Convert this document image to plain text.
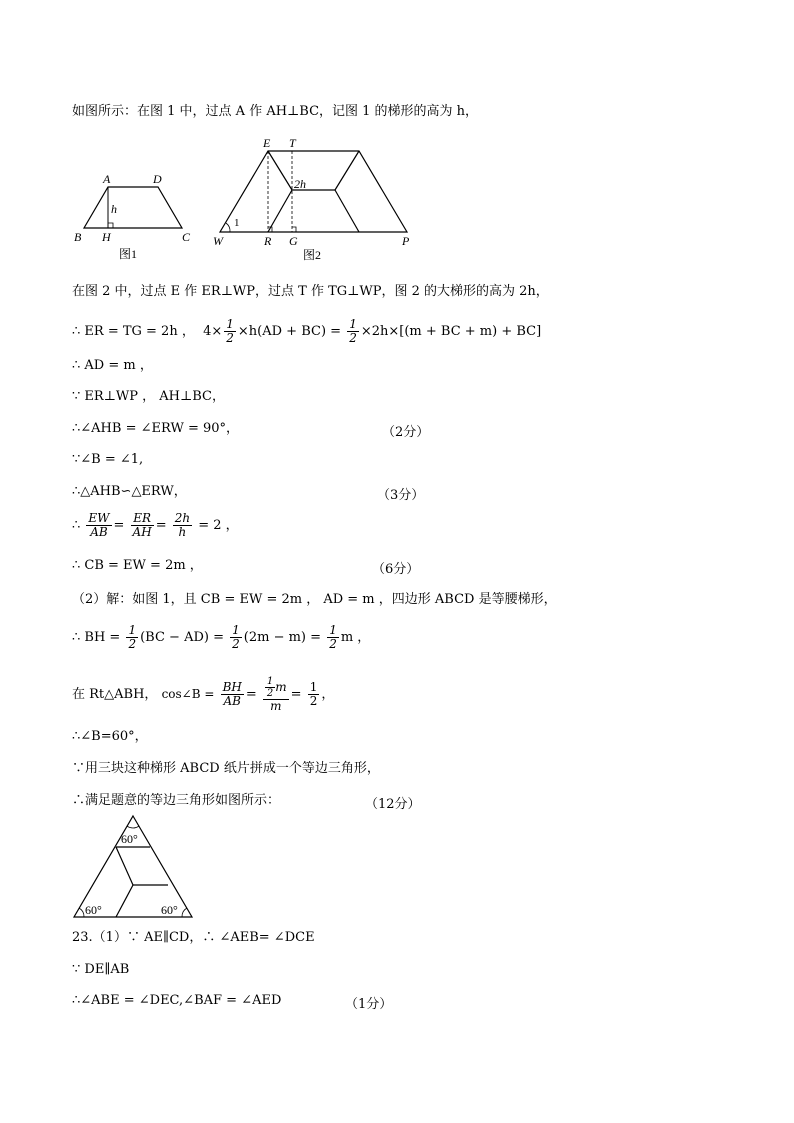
如图所示：在图 1 中，过点 A 作 AH⊥BC，记图 1 的梯形的高为 h，
A	D
B H	C
h
图1
E T
2h
1
W	R G	P
图2
在图 2 中，过点 E 作 ER⊥WP，过点 T 作 TG⊥WP，图 2 的大梯形的高为 2h，
∴ ER = TG = 2h ， $4\times \frac{1}{2} \times h(AD + BC) = \frac{1}{2} \times 2h\times[(m$ + BC + m) + BC]
∴ AD = m ，
∵ ER⊥WP ， AH⊥BC，
∴∠AHB = ∠ERW = 90°，	（2分）
∵∠B = ∠1,
∴△AHB∽△ERW，	（3分）
∴ $\frac{EW}{AB} = \frac{ER}{AH} = \frac{2h}{h} = 2$ ，
∴ CB = EW = 2m ，	（6分）
（2）解：如图 1，且 CB = EW = 2m ， AD = m ，四边形 ABCD 是等腰梯形，
∴ BH = $\frac{1}{2} (BC - AD) = \frac{1}{2} (2m - m) = \frac{1}{2}$ m ，
在 Rt△ABH， cos∠B = $\frac{BH}{AB} = \frac{\frac{1}{2} m}{m} = \frac{1}{2}$ ，
∴∠B=60°，
∵用三块这种梯形 ABCD 纸片拼成一个等边三角形，
∴满足题意的等边三角形如图所示：	（12分）
60°
60°	60°
23.（1）∵ AE∥CD，∴ ∠AEB= ∠DCE
∵ DE∥AB
∴∠ABE = ∠DEC,∠BAF = ∠AED	（1分）
